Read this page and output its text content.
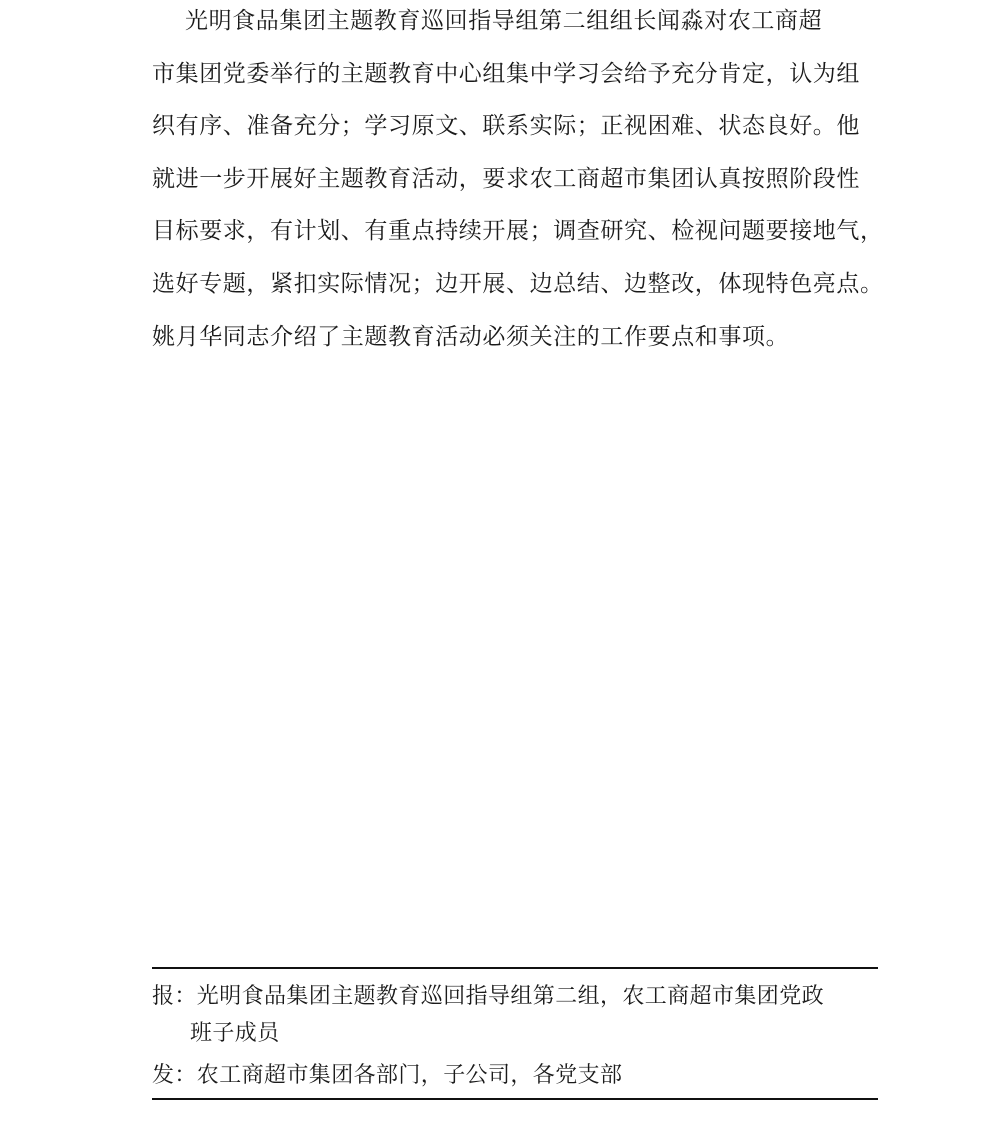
光明食品集团主题教育巡回指导组第二组组长闻淼对农工商超
市集团党委举行的主题教育中心组集中学习会给予充分肯定，认为组
织有序、准备充分；学习原文、联系实际；正视困难、状态良好。他
就进一步开展好主题教育活动，要求农工商超市集团认真按照阶段性
目标要求，有计划、有重点持续开展；调查研究、检视问题要接地气，
选好专题，紧扣实际情况；边开展、边总结、边整改，体现特色亮点。
姚月华同志介绍了主题教育活动必须关注的工作要点和事项。
报：光明食品集团主题教育巡回指导组第二组，农工商超市集团党政
班子成员
发：农工商超市集团各部门，子公司，各党支部
